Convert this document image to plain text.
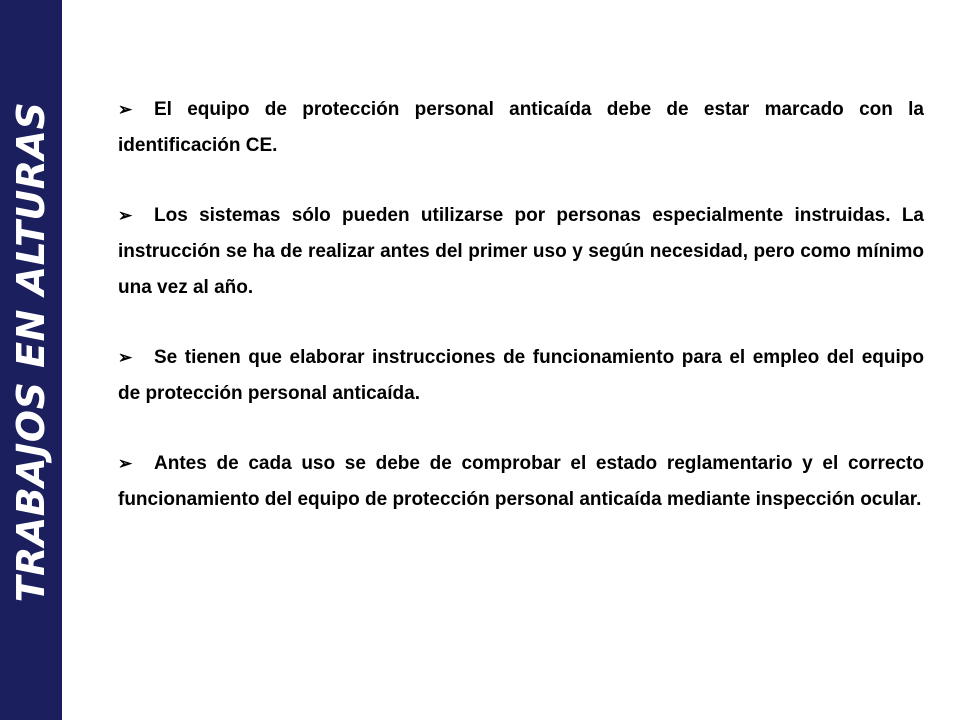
TRABAJOS EN ALTURAS	➢ El equipo de protección personal anticaída debe de estar marcado con la identificación CE.

➢ Los sistemas sólo pueden utilizarse por personas especialmente instruidas. La instrucción se ha de realizar antes del primer uso y según necesidad, pero como mínimo una vez al año.

➢ Se tienen que elaborar instrucciones de funcionamiento para el empleo del equipo de protección personal anticaída.

➢ Antes de cada uso se debe de comprobar el estado reglamentario y el correcto funcionamiento del equipo de protección personal anticaída mediante inspección ocular.
